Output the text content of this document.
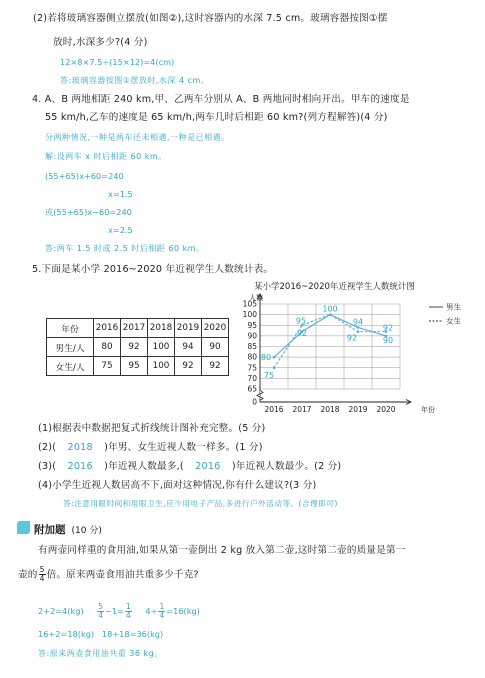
(2)若将玻璃容器侧立摆放(如图②),这时容器内的水深 7.5 cm。玻璃容器按图①摆
放时,水深多少?(4 分)
12×8×7.5÷(15×12)=4(cm)
答:玻璃容器按图①摆放时,水深 4 cm。
4. A、B 两地相距 240 km,甲、乙两车分别从 A、B 两地同时相向开出。甲车的速度是
55 km/h,乙车的速度是 65 km/h,两车几时后相距 60 km?(列方程解答)(4 分)
分两种情况,一种是两车还未相遇,一种是已相遇。
解:设两车 x 时后相距 60 km。
(55+65)x+60=240
x=1.5
或(55+65)x−60=240
x=2.5
答:两车 1.5 时或 2.5 时后相距 60 km。
5.下面是某小学 2016~2020 年近视学生人数统计表。
年份	2016	2017	2018	2019	2020
男生/人	80	92	100	94	90
女生/人	75	95	100	92	92
某小学2016~2020年近视学生人数统计图
人数
年份
65
70
75
80
85
90
95
100
105
0
2016 2017 2018 2019 2020
80
92
100
94
90
75
95
92
92
男生
女生
(1)根据表中数据把复式折线统计图补充完整。(5 分)
(2)( 2018 )年男、女生近视人数一样多。(1 分)
(3)( 2016 )年近视人数最多,( 2016 )年近视人数最少。(2 分)
(4)小学生近视人数居高不下,面对这种情况,你有什么建议?(3 分)
答:注意用眼时间和用眼卫生,应少用电子产品,多进行户外活动等。(合理即可)
附加题 (10 分)
有两壶同样重的食用油,如果从第一壶倒出 2 kg 放入第二壶,这时第二壶的质量是第一
壶的 $\frac{5}{4}$ 倍。原来两壶食用油共重多少千克?
$2+2=4(kg) \frac{5}{4} -1= \frac{1}{4} 4\div \frac{1}{4} =16(kg)$
16+2=18(kg)   18+18=36(kg)
答:原来两壶食用油共重 36 kg。
